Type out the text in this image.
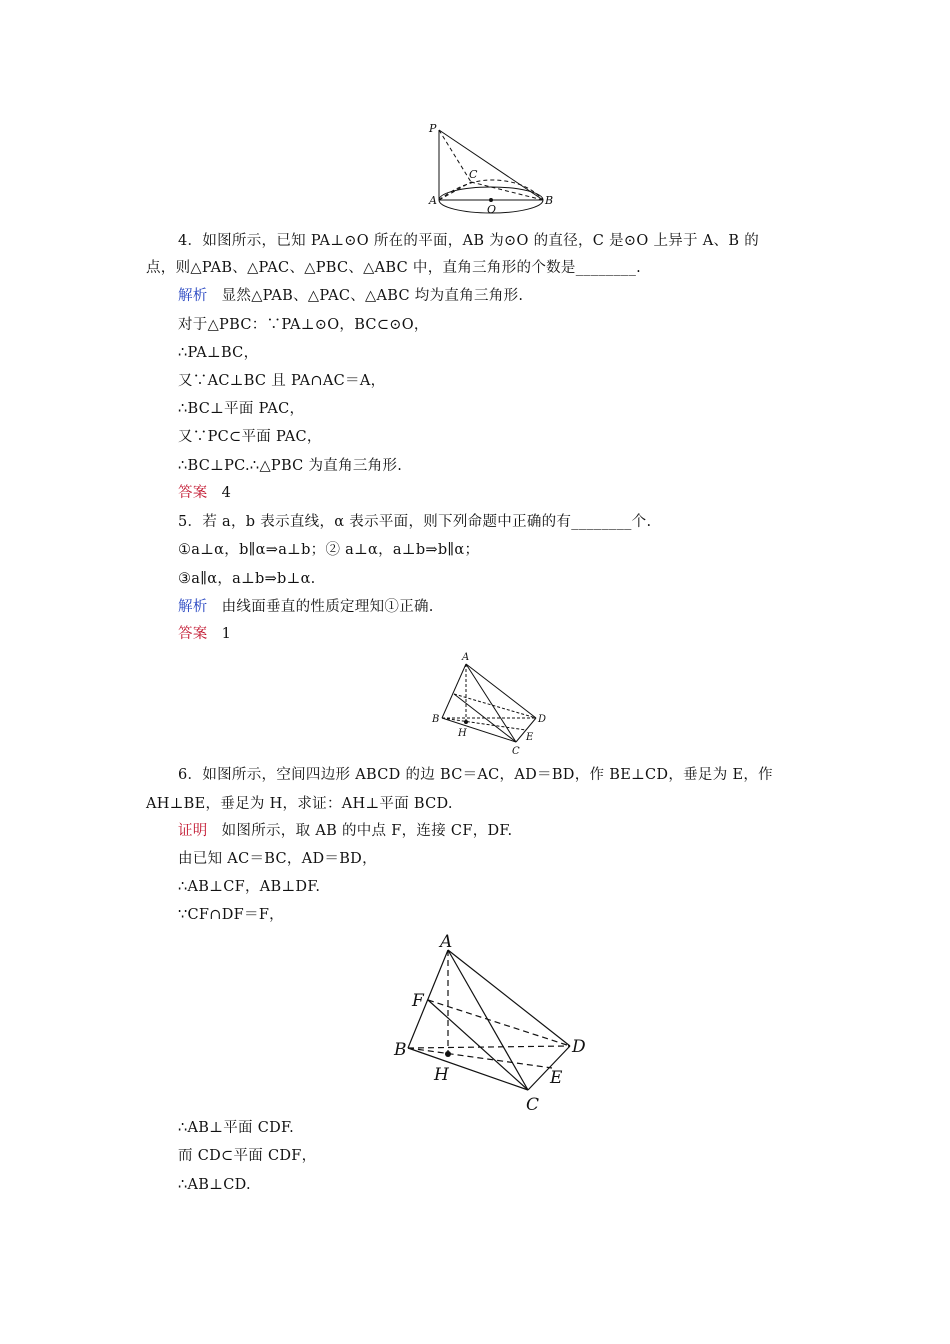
P
C
A
O
B
4．如图所示，已知 PA⊥⊙O 所在的平面，AB 为⊙O 的直径，C 是⊙O 上异于 A、B 的
点，则△PAB、△PAC、△PBC、△ABC 中，直角三角形的个数是________.
解析 显然△PAB、△PAC、△ABC 均为直角三角形.
对于△PBC：∵PA⊥⊙O，BC⊂⊙O，
∴PA⊥BC，
又∵AC⊥BC 且 PA∩AC＝A，
∴BC⊥平面 PAC，
又∵PC⊂平面 PAC，
∴BC⊥PC.∴△PBC 为直角三角形.
答案 4
5．若 a，b 表示直线，α 表示平面，则下列命题中正确的有________个.
①a⊥α，b∥α⇒a⊥b；② a⊥α，a⊥b⇒b∥α；
③a∥α，a⊥b⇒b⊥α.
解析 由线面垂直的性质定理知①正确.
答案 1
A
B
H
D
E
C
6．如图所示，空间四边形 ABCD 的边 BC＝AC，AD＝BD，作 BE⊥CD，垂足为 E，作
AH⊥BE，垂足为 H，求证：AH⊥平面 BCD.
证明 如图所示，取 AB 的中点 F，连接 CF，DF.
由已知 AC＝BC，AD＝BD，
∴AB⊥CF，AB⊥DF.
∵CF∩DF＝F，
A
F
B
H
D
E
C
∴AB⊥平面 CDF.
而 CD⊂平面 CDF，
∴AB⊥CD.
